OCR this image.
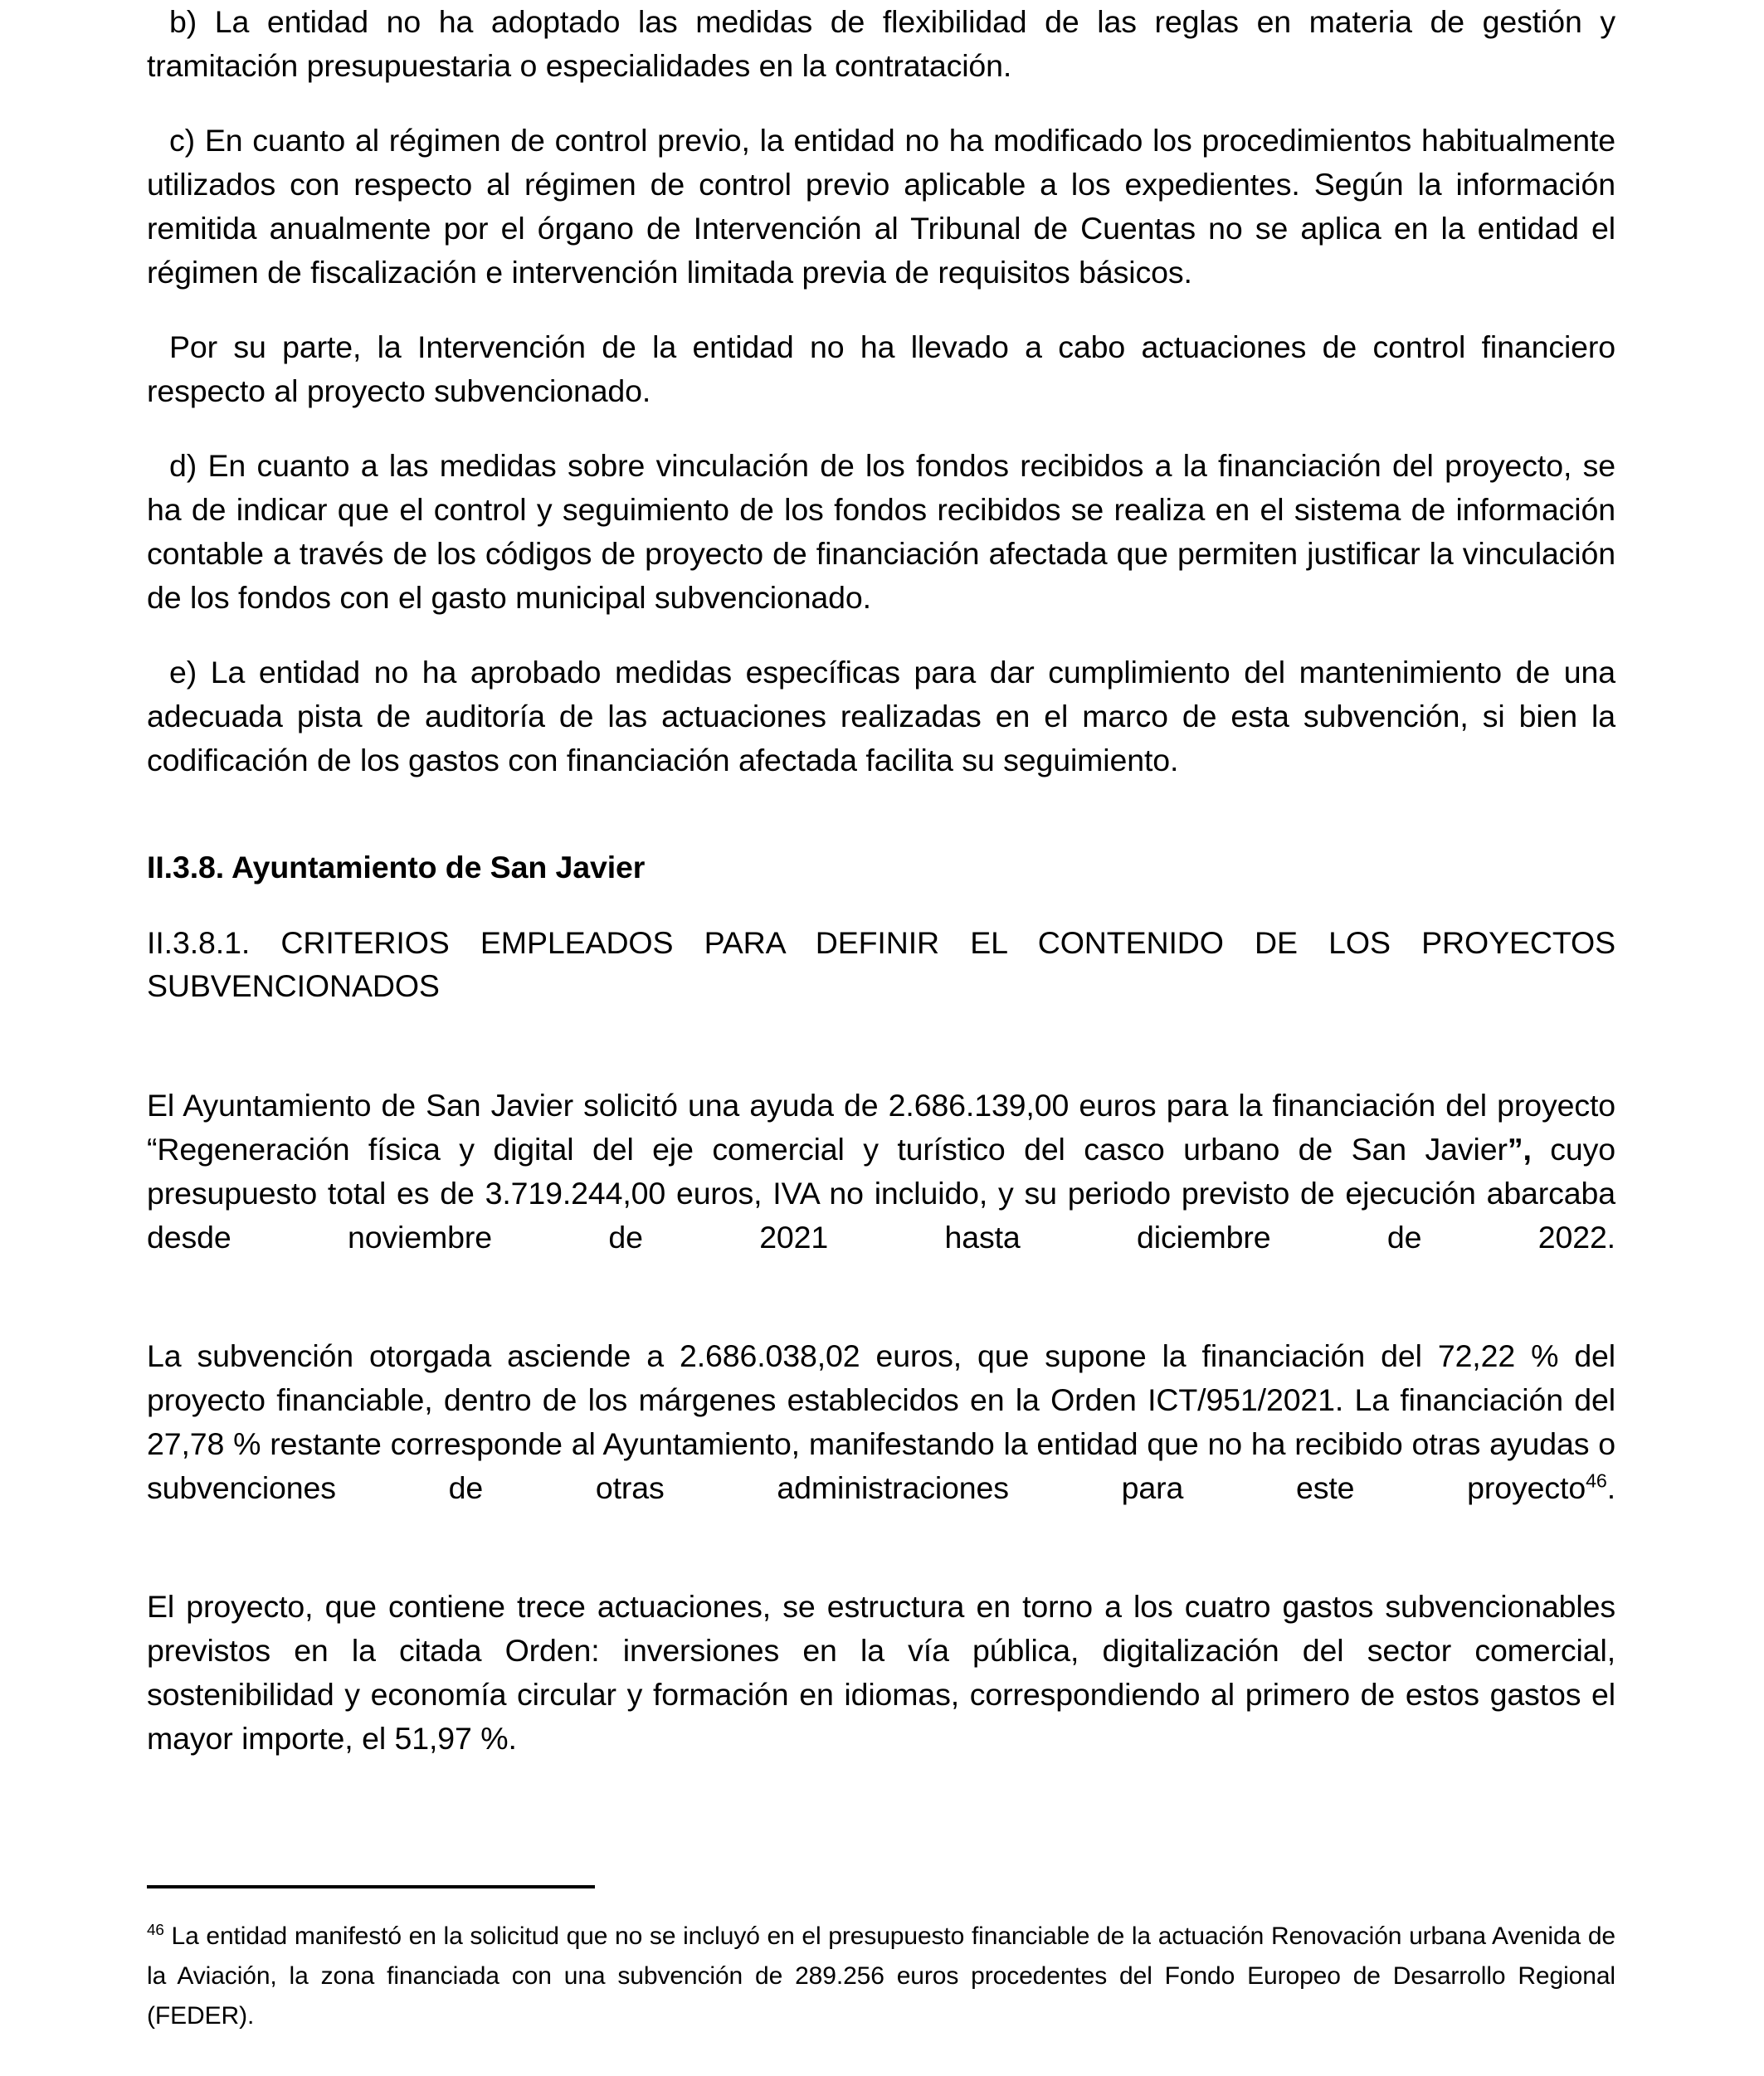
b) La entidad no ha adoptado las medidas de flexibilidad de las reglas en materia de gestión y tramitación presupuestaria o especialidades en la contratación.

c) En cuanto al régimen de control previo, la entidad no ha modificado los procedimientos habitualmente utilizados con respecto al régimen de control previo aplicable a los expedientes. Según la información remitida anualmente por el órgano de Intervención al Tribunal de Cuentas no se aplica en la entidad el régimen de fiscalización e intervención limitada previa de requisitos básicos.

Por su parte, la Intervención de la entidad no ha llevado a cabo actuaciones de control financiero respecto al proyecto subvencionado.

d) En cuanto a las medidas sobre vinculación de los fondos recibidos a la financiación del proyecto, se ha de indicar que el control y seguimiento de los fondos recibidos se realiza en el sistema de información contable a través de los códigos de proyecto de financiación afectada que permiten justificar la vinculación de los fondos con el gasto municipal subvencionado.

e) La entidad no ha aprobado medidas específicas para dar cumplimiento del mantenimiento de una adecuada pista de auditoría de las actuaciones realizadas en el marco de esta subvención, si bien la codificación de los gastos con financiación afectada facilita su seguimiento.

II.3.8. Ayuntamiento de San Javier
II.3.8.1. CRITERIOS EMPLEADOS PARA DEFINIR EL CONTENIDO DE LOS PROYECTOS SUBVENCIONADOS

El Ayuntamiento de San Javier solicitó una ayuda de 2.686.139,00 euros para la financiación del proyecto “Regeneración física y digital del eje comercial y turístico del casco urbano de San Javier”, cuyo presupuesto total es de 3.719.244,00 euros, IVA no incluido, y su periodo previsto de ejecución abarcaba desde noviembre de 2021 hasta diciembre de 2022.

La subvención otorgada asciende a 2.686.038,02 euros, que supone la financiación del 72,22 % del proyecto financiable, dentro de los márgenes establecidos en la Orden ICT/951/2021. La financiación del 27,78 % restante corresponde al Ayuntamiento, manifestando la entidad que no ha recibido otras ayudas o subvenciones de otras administraciones para este proyecto$^{46}$.

El proyecto, que contiene trece actuaciones, se estructura en torno a los cuatro gastos subvencionables previstos en la citada Orden: inversiones en la vía pública, digitalización del sector comercial, sostenibilidad y economía circular y formación en idiomas, correspondiendo al primero de estos gastos el mayor importe, el 51,97 %.

$^{46}$ La entidad manifestó en la solicitud que no se incluyó en el presupuesto financiable de la actuación Renovación urbana Avenida de la Aviación, la zona financiada con una subvención de 289.256 euros procedentes del Fondo Europeo de Desarrollo Regional (FEDER).
